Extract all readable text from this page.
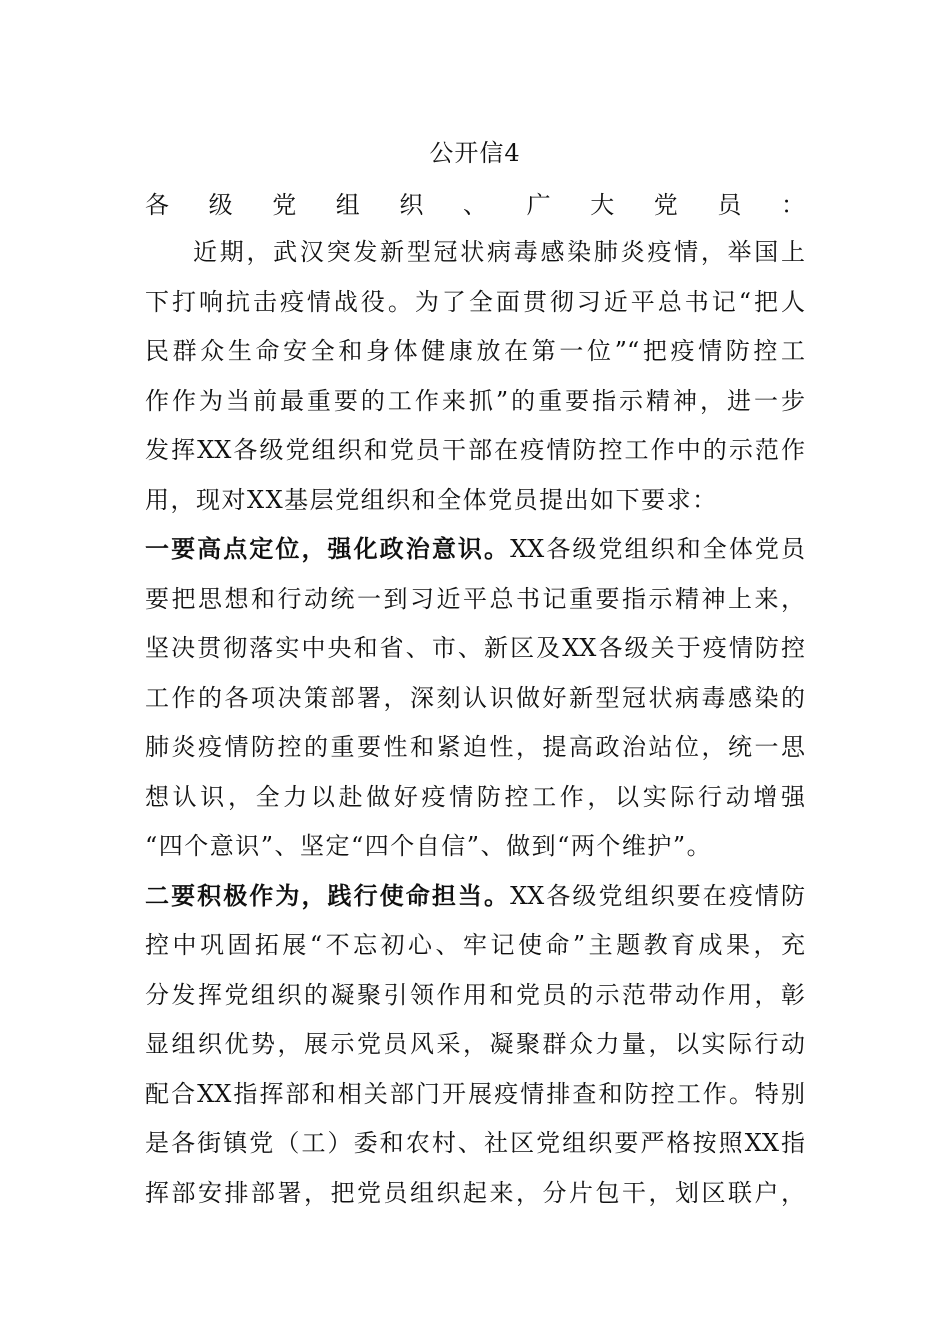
公开信4
各级党组织、广大党员：
近期，武汉突发新型冠状病毒感染肺炎疫情，举国上
下打响抗击疫情战役。为了全面贯彻习近平总书记“把人
民群众生命安全和身体健康放在第一位”“把疫情防控工
作作为当前最重要的工作来抓”的重要指示精神，进一步
发挥XX各级党组织和党员干部在疫情防控工作中的示范作
用，现对XX基层党组织和全体党员提出如下要求：
一要高点定位，强化政治意识。XX各级党组织和全体党员
要把思想和行动统一到习近平总书记重要指示精神上来，
坚决贯彻落实中央和省、市、新区及XX各级关于疫情防控
工作的各项决策部署，深刻认识做好新型冠状病毒感染的
肺炎疫情防控的重要性和紧迫性，提高政治站位，统一思
想认识，全力以赴做好疫情防控工作，以实际行动增强
“四个意识”、坚定“四个自信”、做到“两个维护”。
二要积极作为，践行使命担当。XX各级党组织要在疫情防
控中巩固拓展“不忘初心、牢记使命”主题教育成果，充
分发挥党组织的凝聚引领作用和党员的示范带动作用，彰
显组织优势，展示党员风采，凝聚群众力量，以实际行动
配合XX指挥部和相关部门开展疫情排查和防控工作。特别
是各街镇党（工）委和农村、社区党组织要严格按照XX指
挥部安排部署，把党员组织起来，分片包干，划区联户，
